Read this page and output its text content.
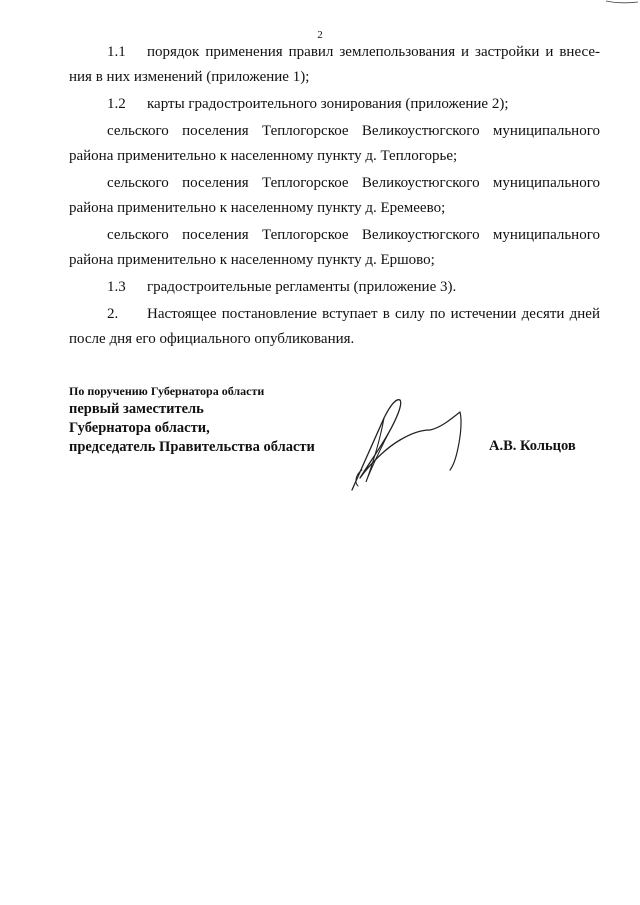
2
1.1 порядок применения правил землепользования и застройки и внесе-
ния в них изменений (приложение 1);
1.2 карты градостроительного зонирования (приложение 2);
сельского поселения Теплогорское Великоустюгского муниципального
района применительно к населенному пункту д. Теплогорье;
сельского поселения Теплогорское Великоустюгского муниципального
района применительно к населенному пункту д. Еремеево;
сельского поселения Теплогорское Великоустюгского муниципального
района применительно к населенному пункту д. Ершово;
1.3 градостроительные регламенты (приложение 3).
2. Настоящее постановление вступает в силу по истечении десяти дней
после дня его официального опубликования.
По поручению Губернатора области
первый заместитель
Губернатора области,
председатель Правительства области	А.В. Кольцов
